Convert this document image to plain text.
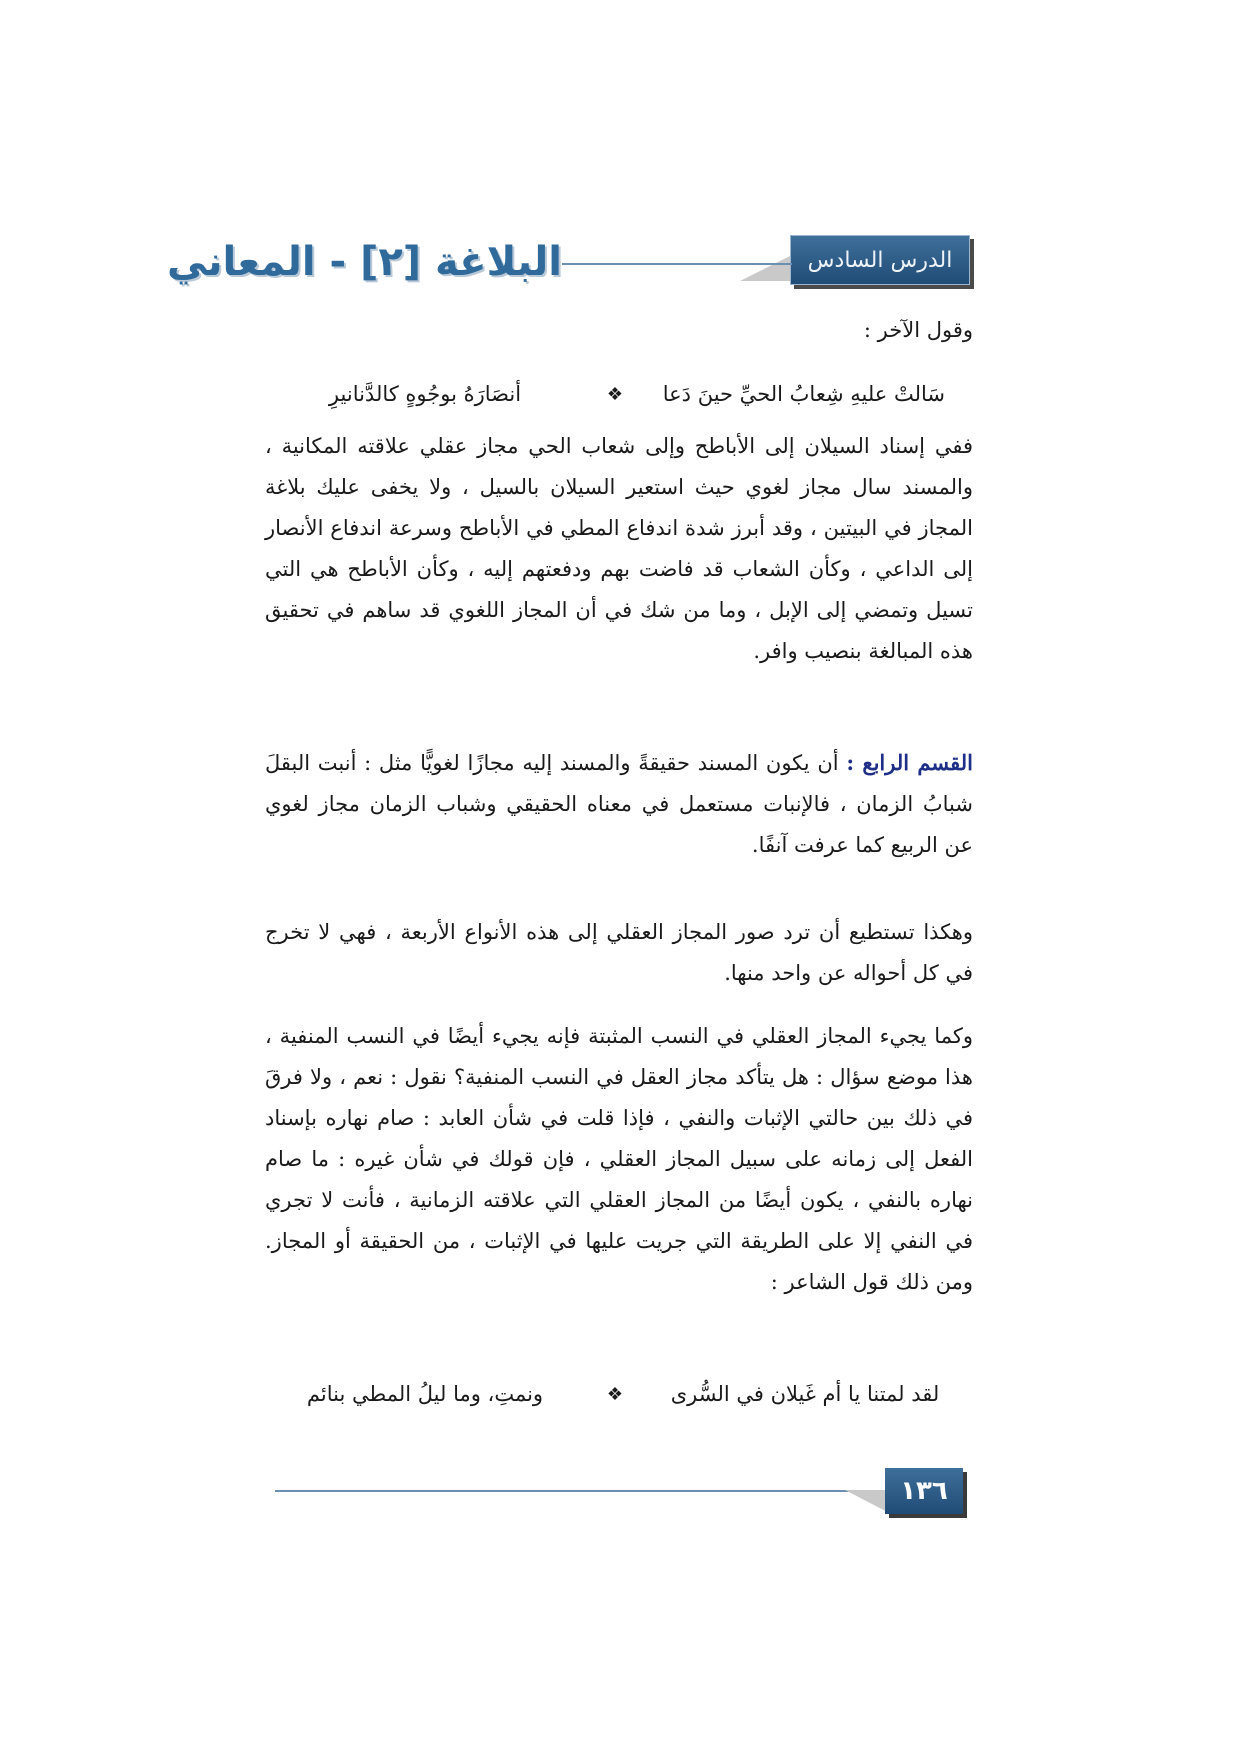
الدرس السادس
البلاغة [٢] - المعاني

وقول الآخر :

سَالتْ عليهِ شِعابُ الحيِّ حينَ دَعا
❖
أنصَارَهُ بوجُوهٍ كالدَّنانيرِ

ففي إسناد السيلان إلى الأباطح وإلى شعاب الحي مجاز عقلي علاقته المكانية ، والمسند سال مجاز لغوي حيث استعير السيلان بالسيل ، ولا يخفى عليك بلاغة المجاز في البيتين ، وقد أبرز شدة اندفاع المطي في الأباطح وسرعة اندفاع الأنصار إلى الداعي ، وكأن الشعاب قد فاضت بهم ودفعتهم إليه ، وكأن الأباطح هي التي تسيل وتمضي إلى الإبل ، وما من شك في أن المجاز اللغوي قد ساهم في تحقيق هذه المبالغة بنصيب وافر.

القسم الرابع : أن يكون المسند حقيقةً والمسند إليه مجازًا لغويًّا مثل : أنبت البقلَ شبابُ الزمان ، فالإنبات مستعمل في معناه الحقيقي وشباب الزمان مجاز لغوي عن الربيع كما عرفت آنفًا.

وهكذا تستطيع أن ترد صور المجاز العقلي إلى هذه الأنواع الأربعة ، فهي لا تخرج في كل أحواله عن واحد منها.

وكما يجيء المجاز العقلي في النسب المثبتة فإنه يجيء أيضًا في النسب المنفية ، هذا موضع سؤال : هل يتأكد مجاز العقل في النسب المنفية؟ نقول : نعم ، ولا فرقَ في ذلك بين حالتي الإثبات والنفي ، فإذا قلت في شأن العابد : صام نهاره بإسناد الفعل إلى زمانه على سبيل المجاز العقلي ، فإن قولك في شأن غيره : ما صام نهاره بالنفي ، يكون أيضًا من المجاز العقلي التي علاقته الزمانية ، فأنت لا تجري في النفي إلا على الطريقة التي جريت عليها في الإثبات ، من الحقيقة أو المجاز. ومن ذلك قول الشاعر :

لقد لمتنا يا أم غَيلان في السُّرى
❖
ونمتِ، وما ليلُ المطي بنائم
١٣٦
